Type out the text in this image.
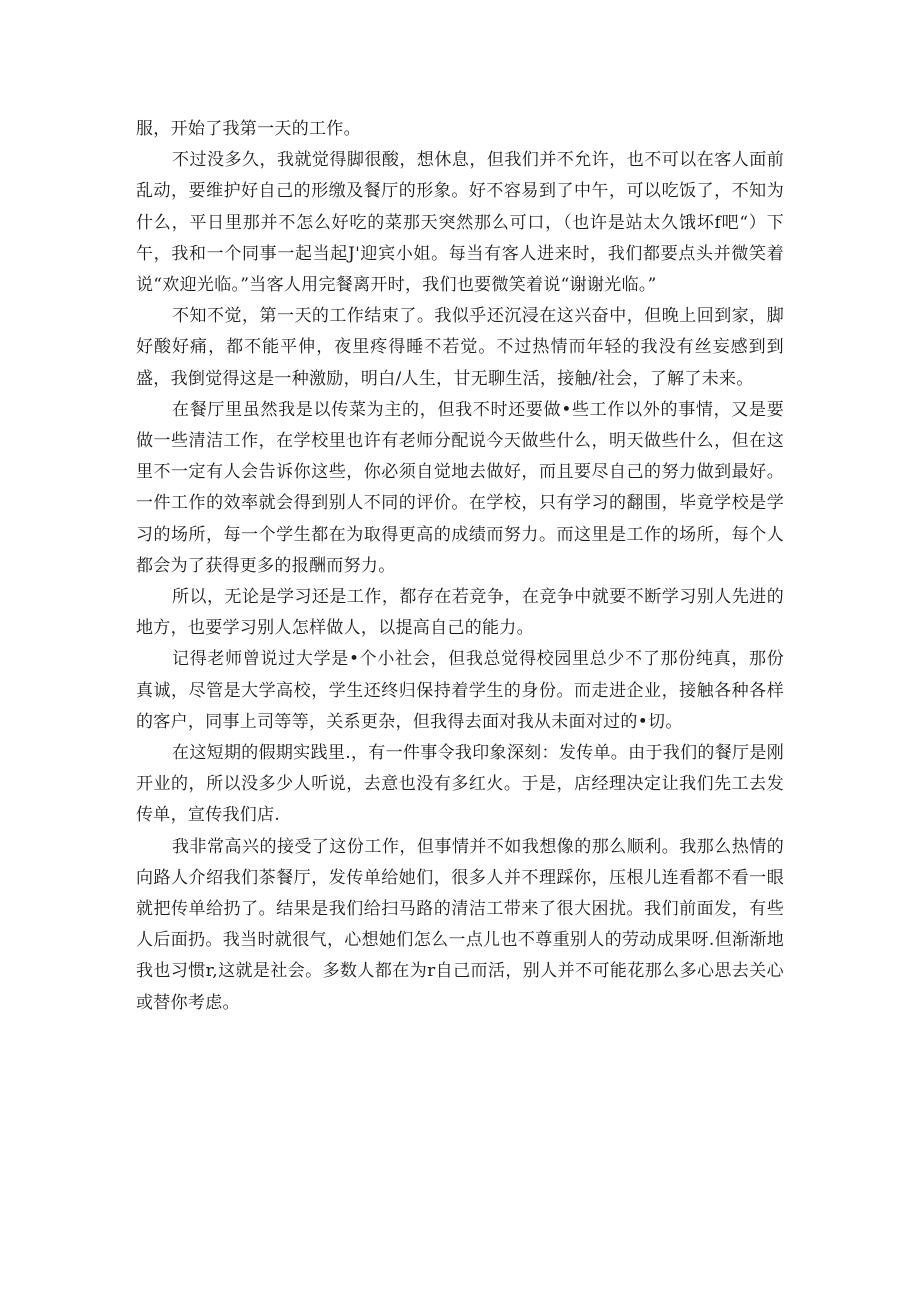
服，开始了我第一天的工作。

不过没多久，我就觉得脚很酸，想休息，但我们并不允许，也不可以在客人面前乱动，要维护好自己的形缴及餐厅的形象。好不容易到了中午，可以吃饭了，不知为什么，平日里那并不怎么好吃的菜那天突然那么可口，（也许是站太久饿坏f吧“）下午，我和一个同事一起当起J'迎宾小姐。每当有客人进来时，我们都要点头并微笑着说“欢迎光临。”当客人用完餐离开时，我们也要微笑着说“谢谢光临。”

不知不觉，第一天的工作结束了。我似乎还沉浸在这兴奋中，但晚上回到家，脚好酸好痛，都不能平伸，夜里疼得睡不若觉。不过热情而年轻的我没有丝妄感到到盛，我倒觉得这是一种激励，明白/人生，甘无聊生活，接触/社会，了解了未来。

在餐厅里虽然我是以传菜为主的，但我不时还要做•些工作以外的事情，又是要做一些清洁工作，在学校里也许有老师分配说今天做些什么，明天做些什么，但在这里不一定有人会告诉你这些，你必须自觉地去做好，而且要尽自己的努力做到最好。一件工作的效率就会得到别人不同的评价。在学校，只有学习的翻围，毕竟学校是学习的场所，每一个学生都在为取得更高的成绩而努力。而这里是工作的场所，每个人都会为了获得更多的报酬而努力。

所以，无论是学习还是工作，都存在若竞争，在竞争中就要不断学习别人先进的地方，也要学习别人怎样做人，以提高自己的能力。

记得老师曾说过大学是•个小社会，但我总觉得校园里总少不了那份纯真，那份真诚，尽管是大学高校，学生还终归保持着学生的身份。而走进企业，接触各种各样的客户，同事上司等等，关系更杂，但我得去面对我从未面对过的•切。

在这短期的假期实践里.，有一件事令我印象深刻：发传单。由于我们的餐厅是刚开业的，所以没多少人听说，去意也没有多红火。于是，店经理决定让我们先工去发传单，宣传我们店.

我非常高兴的接受了这份工作，但事情并不如我想像的那么顺利。我那么热情的向路人介绍我们茶餐厅，发传单给她们，很多人并不理踩你，压根儿连看都不看一眼就把传单给扔了。结果是我们给扫马路的清洁工带来了很大困扰。我们前面发，有些人后面扔。我当时就很气，心想她们怎么一点儿也不尊重别人的劳动成果呀.但渐渐地我也习惯r,这就是社会。多数人都在为r自己而活，别人并不可能花那么多心思去关心或替你考虑。
